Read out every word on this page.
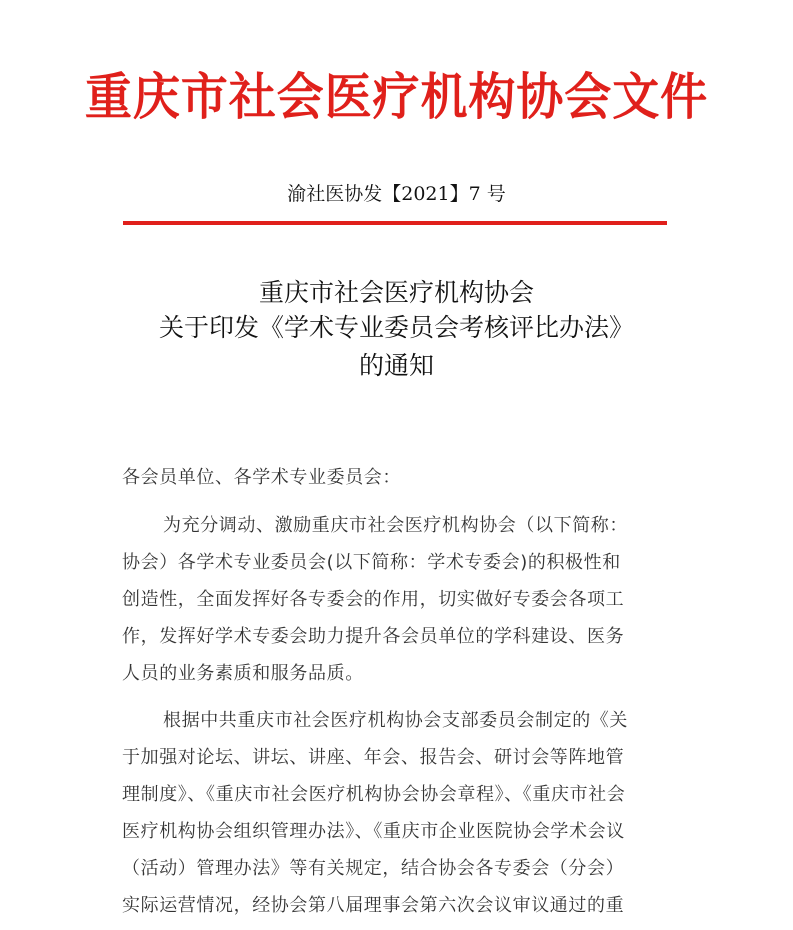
重庆市社会医疗机构协会文件
渝社医协发【2021】7 号
重庆市社会医疗机构协会
关于印发《学术专业委员会考核评比办法》
的通知
各会员单位、各学术专业委员会：
为充分调动、激励重庆市社会医疗机构协会（以下简称：
协会）各学术专业委员会(以下简称：学术专委会)的积极性和
创造性，全面发挥好各专委会的作用，切实做好专委会各项工
作，发挥好学术专委会助力提升各会员单位的学科建设、医务
人员的业务素质和服务品质。
根据中共重庆市社会医疗机构协会支部委员会制定的《关
于加强对论坛、讲坛、讲座、年会、报告会、研讨会等阵地管
理制度》、《重庆市社会医疗机构协会协会章程》、《重庆市社会
医疗机构协会组织管理办法》、《重庆市企业医院协会学术会议
（活动）管理办法》等有关规定，结合协会各专委会（分会）
实际运营情况，经协会第八届理事会第六次会议审议通过的重
